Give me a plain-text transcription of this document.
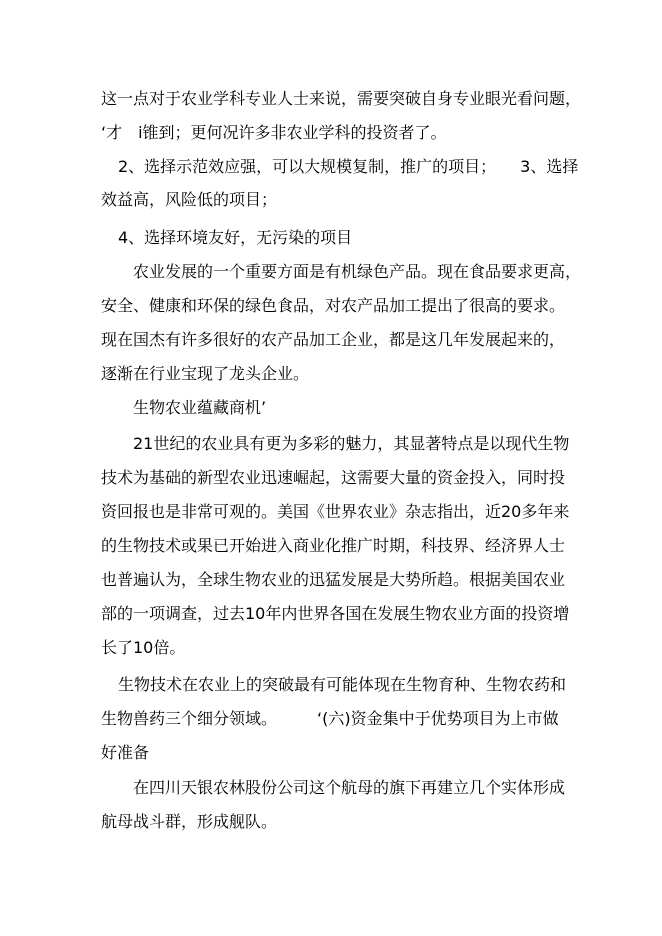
这一点对于农业学科专业人士来说，需要突破自身专业眼光看问题，
‘才　i锥到；更何况许多非农业学科的投资者了。
2、选择示范效应强，可以大规模复制，推广的项目；　　3、选择
效益高，风险低的项目；
4、选择环境友好，无污染的项目
农业发展的一个重要方面是有机绿色产品。现在食品要求更高，
安全、健康和环保的绿色食品，对农产品加工提出了很高的要求。
现在国杰有许多很好的农产品加工企业，都是这几年发展起来的，
逐渐在行业宝现了龙头企业。
生物农业蕴藏商机’
21世纪的农业具有更为多彩的魅力，其显著特点是以现代生物
技术为基础的新型农业迅速崛起，这需要大量的资金投入，同时投
资回报也是非常可观的。美国《世界农业》杂志指出，近20多年来
的生物技术或果已开始进入商业化推广时期，科技界、经济界人士
也普遍认为，全球生物农业的迅猛发展是大势所趋。根据美国农业
部的一项调查，过去10年内世界各国在发展生物农业方面的投资增
长了10倍。
生物技术在农业上的突破最有可能体现在生物育种、生物农药和
生物兽药三个细分领域。　　　‘(六)资金集中于优势项目为上市做
好准备
在四川天银农林股份公司这个航母的旗下再建立几个实体形成
航母战斗群，形成舰队。
